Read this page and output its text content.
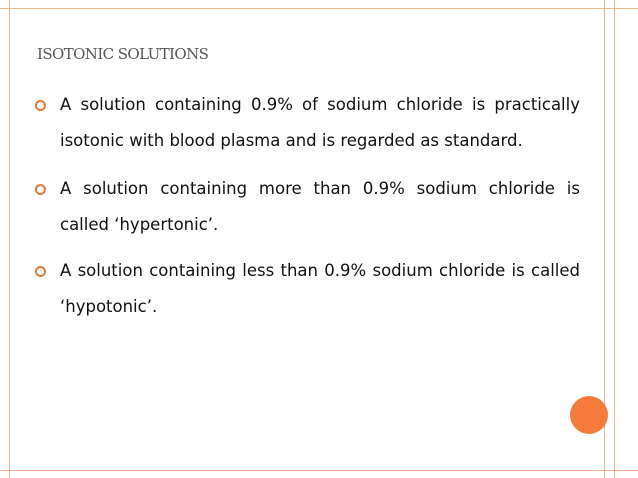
ISOTONIC SOLUTIONS
A solution containing 0.9% of sodium chloride is practically isotonic with blood plasma and is regarded as standard.
A solution containing more than 0.9% sodium chloride is called ‘hypertonic’.
A solution containing less than 0.9% sodium chloride is called ‘hypotonic’.
